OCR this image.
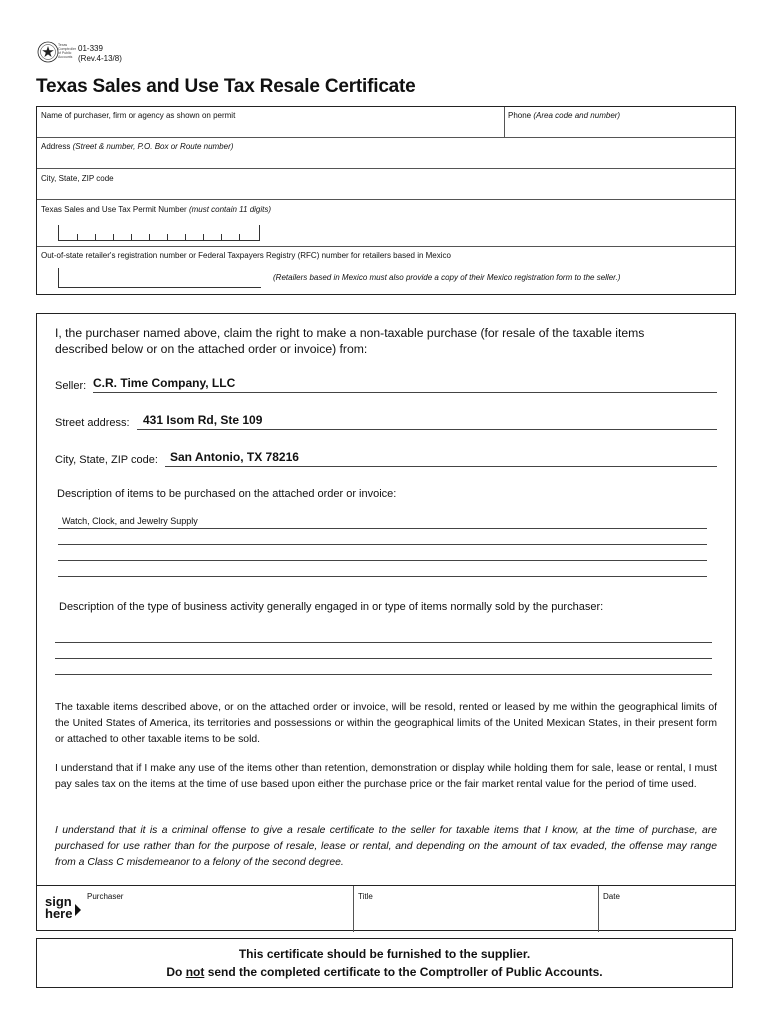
Texas Comptroller of Public Accounts
01-339
(Rev.4-13/8)
Texas Sales and Use Tax Resale Certificate
Name of purchaser, firm or agency as shown on permit	Phone (Area code and number)
Address (Street & number, P.O. Box or Route number)
City, State, ZIP code
Texas Sales and Use Tax Permit Number (must contain 11 digits)
Out-of-state retailer's registration number or Federal Taxpayers Registry (RFC) number for retailers based in Mexico
(Retailers based in Mexico must also provide a copy of their Mexico registration form to the seller.)
I, the purchaser named above, claim the right to make a non-taxable purchase (for resale of the taxable items described below or on the attached order or invoice) from:
Seller: C.R. Time Company, LLC
Street address: 431 Isom Rd, Ste 109
City, State, ZIP code: San Antonio, TX 78216
Description of items to be purchased on the attached order or invoice:
Watch, Clock, and Jewelry Supply
Description of the type of business activity generally engaged in or type of items normally sold by the purchaser:
The taxable items described above, or on the attached order or invoice, will be resold, rented or leased by me within the geographical limits of the United States of America, its territories and possessions or within the geographical limits of the United Mexican States, in their present form or attached to other taxable items to be sold.
I understand that if I make any use of the items other than retention, demonstration or display while holding them for sale, lease or rental, I must pay sales tax on the items at the time of use based upon either the purchase price or the fair market rental value for the period of time used.
I understand that it is a criminal offense to give a resale certificate to the seller for taxable items that I know, at the time of purchase, are purchased for use rather than for the purpose of resale, lease or rental, and depending on the amount of tax evaded, the offense may range from a Class C misdemeanor to a felony of the second degree.
sign
here
Purchaser	Title	Date
This certificate should be furnished to the supplier.
Do not send the completed certificate to the Comptroller of Public Accounts.
